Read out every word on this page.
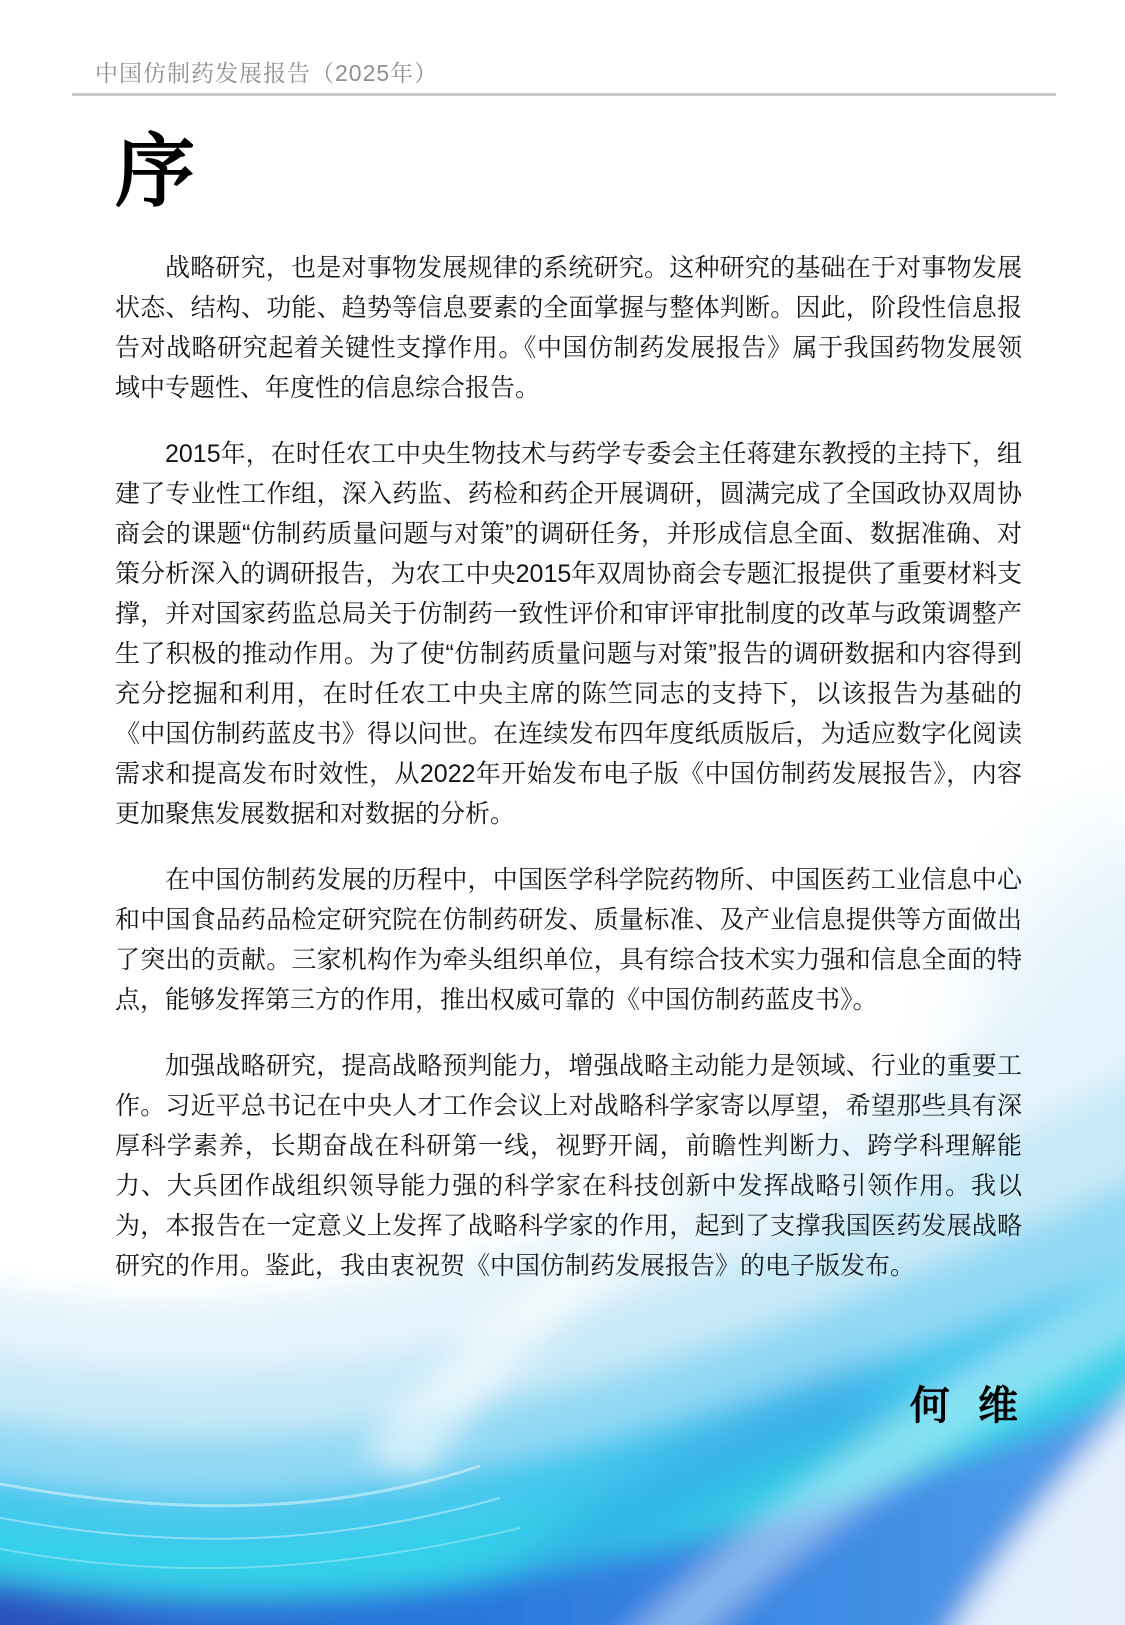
中国仿制药发展报告（2025年）
序

战略研究，也是对事物发展规律的系统研究。这种研究的基础在于对事物发展状态、结构、功能、趋势等信息要素的全面掌握与整体判断。因此，阶段性信息报告对战略研究起着关键性支撑作用。《中国仿制药发展报告》属于我国药物发展领域中专题性、年度性的信息综合报告。

2015年，在时任农工中央生物技术与药学专委会主任蒋建东教授的主持下，组建了专业性工作组，深入药监、药检和药企开展调研，圆满完成了全国政协双周协商会的课题“仿制药质量问题与对策”的调研任务，并形成信息全面、数据准确、对策分析深入的调研报告，为农工中央2015年双周协商会专题汇报提供了重要材料支撑，并对国家药监总局关于仿制药一致性评价和审评审批制度的改革与政策调整产生了积极的推动作用。为了使“仿制药质量问题与对策”报告的调研数据和内容得到充分挖掘和利用，在时任农工中央主席的陈竺同志的支持下，以该报告为基础的《中国仿制药蓝皮书》得以问世。在连续发布四年度纸质版后，为适应数字化阅读需求和提高发布时效性，从2022年开始发布电子版《中国仿制药发展报告》，内容更加聚焦发展数据和对数据的分析。

在中国仿制药发展的历程中，中国医学科学院药物所、中国医药工业信息中心和中国食品药品检定研究院在仿制药研发、质量标准、及产业信息提供等方面做出了突出的贡献。三家机构作为牵头组织单位，具有综合技术实力强和信息全面的特点，能够发挥第三方的作用，推出权威可靠的《中国仿制药蓝皮书》。

加强战略研究，提高战略预判能力，增强战略主动能力是领域、行业的重要工作。习近平总书记在中央人才工作会议上对战略科学家寄以厚望，希望那些具有深厚科学素养，长期奋战在科研第一线，视野开阔，前瞻性判断力、跨学科理解能力、大兵团作战组织领导能力强的科学家在科技创新中发挥战略引领作用。我以为，本报告在一定意义上发挥了战略科学家的作用，起到了支撑我国医药发展战略研究的作用。鉴此，我由衷祝贺《中国仿制药发展报告》的电子版发布。

何  维
